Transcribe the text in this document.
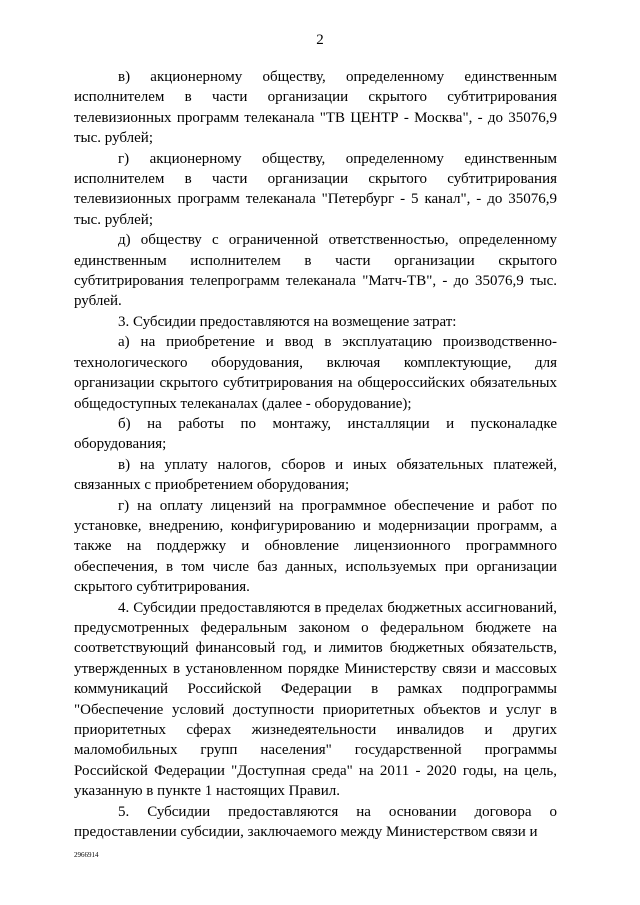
2

в) акционерному обществу, определенному единственным исполнителем в части организации скрытого субтитрирования телевизионных программ телеканала "ТВ ЦЕНТР - Москва", - до 35076,9 тыс. рублей;

г) акционерному обществу, определенному единственным исполнителем в части организации скрытого субтитрирования телевизионных программ телеканала "Петербург - 5 канал", - до 35076,9 тыс. рублей;

д) обществу с ограниченной ответственностью, определенному единственным исполнителем в части организации скрытого субтитрирования телепрограмм телеканала "Матч-ТВ", - до 35076,9 тыс. рублей.

3. Субсидии предоставляются на возмещение затрат:

а) на приобретение и ввод в эксплуатацию производственно-технологического оборудования, включая комплектующие, для организации скрытого субтитрирования на общероссийских обязательных общедоступных телеканалах (далее - оборудование);

б) на работы по монтажу, инсталляции и пусконаладке оборудования;

в) на уплату налогов, сборов и иных обязательных платежей, связанных с приобретением оборудования;

г) на оплату лицензий на программное обеспечение и работ по установке, внедрению, конфигурированию и модернизации программ, а также на поддержку и обновление лицензионного программного обеспечения, в том числе баз данных, используемых при организации скрытого субтитрирования.

4. Субсидии предоставляются в пределах бюджетных ассигнований, предусмотренных федеральным законом о федеральном бюджете на соответствующий финансовый год, и лимитов бюджетных обязательств, утвержденных в установленном порядке Министерству связи и массовых коммуникаций Российской Федерации в рамках подпрограммы "Обеспечение условий доступности приоритетных объектов и услуг в приоритетных сферах жизнедеятельности инвалидов и других маломобильных групп населения" государственной программы Российской Федерации "Доступная среда" на 2011 - 2020 годы, на цель, указанную в пункте 1 настоящих Правил.

5. Субсидии предоставляются на основании договора о предоставлении субсидии, заключаемого между Министерством связи и

2966914
